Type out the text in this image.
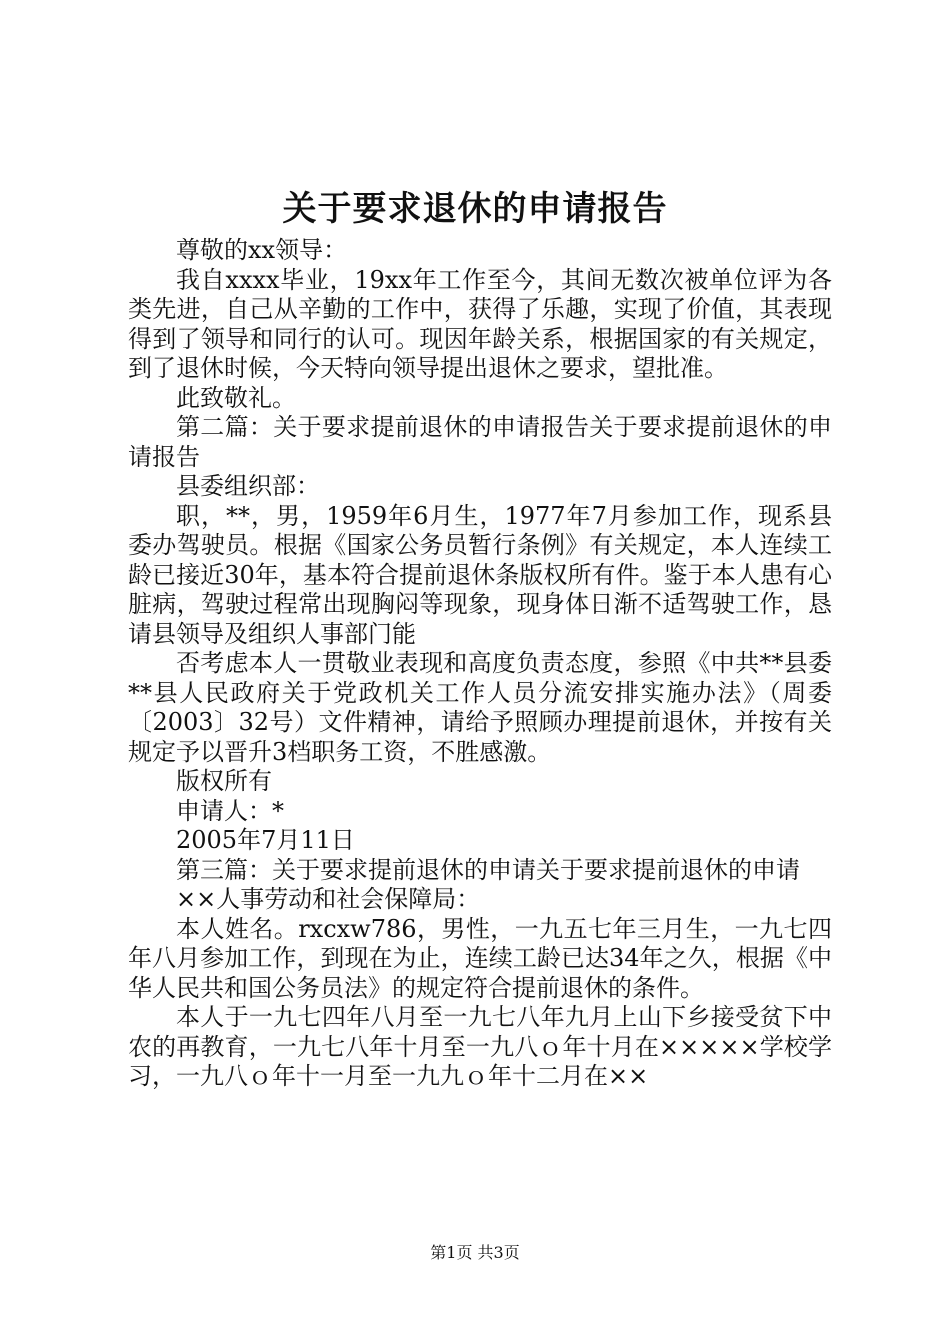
关于要求退休的申请报告

尊敬的xx领导：

我自xxxx毕业，19xx年工作至今，其间无数次被单位评为各类先进，自己从辛勤的工作中，获得了乐趣，实现了价值，其表现得到了领导和同行的认可。现因年龄关系，根据国家的有关规定，到了退休时候，今天特向领导提出退休之要求，望批准。

此致敬礼。

第二篇：关于要求提前退休的申请报告关于要求提前退休的申请报告

县委组织部：

职，**，男，1959年6月生，1977年7月参加工作，现系县委办驾驶员。根据《国家公务员暂行条例》有关规定，本人连续工龄已接近30年，基本符合提前退休条版权所有件。鉴于本人患有心脏病，驾驶过程常出现胸闷等现象，现身体日渐不适驾驶工作，恳请县领导及组织人事部门能

否考虑本人一贯敬业表现和高度负责态度，参照《中共**县委**县人民政府关于党政机关工作人员分流安排实施办法》（周委〔2003〕32号）文件精神，请给予照顾办理提前退休，并按有关规定予以晋升3档职务工资，不胜感激。

版权所有

申请人：*

2005年7月11日

第三篇：关于要求提前退休的申请关于要求提前退休的申请

××人事劳动和社会保障局：

本人姓名。rxcxw786，男性，一九五七年三月生，一九七四年八月参加工作，到现在为止，连续工龄已达34年之久，根据《中华人民共和国公务员法》的规定符合提前退休的条件。

本人于一九七四年八月至一九七八年九月上山下乡接受贫下中农的再教育，一九七八年十月至一九八ｏ年十月在×××××学校学习，一九八ｏ年十一月至一九九ｏ年十二月在××

第1页 共3页
